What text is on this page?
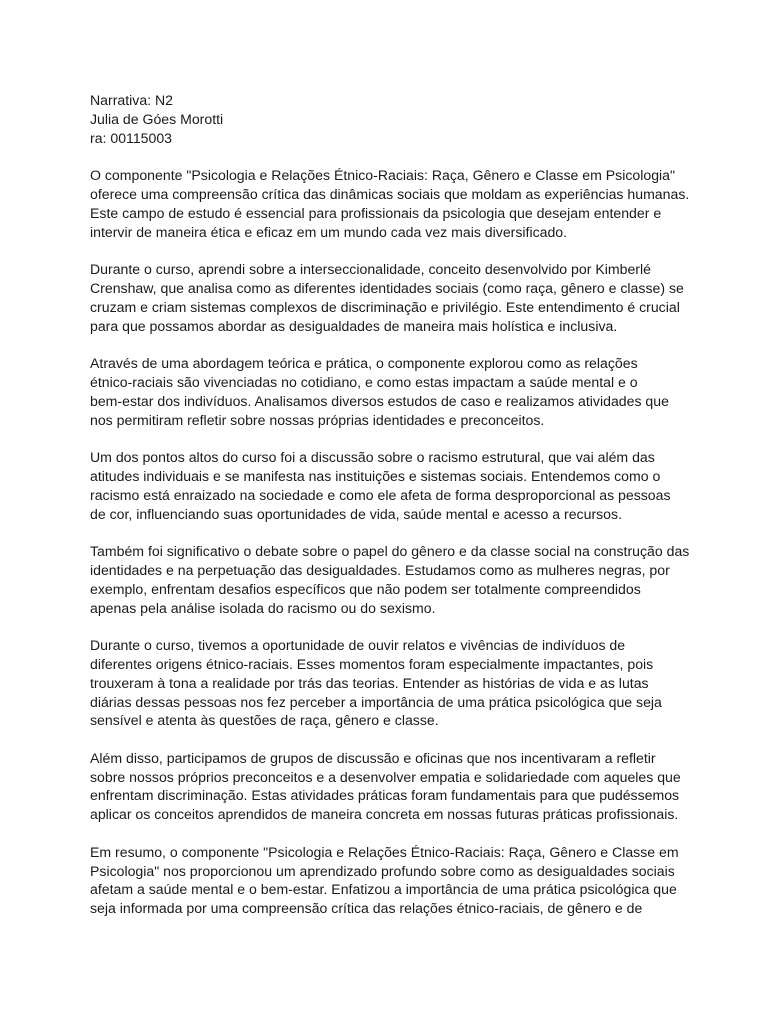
Narrativa: N2
Julia de Góes Morotti
ra: 00115003
O componente "Psicologia e Relações Étnico-Raciais: Raça, Gênero e Classe em Psicologia"
oferece uma compreensão crítica das dinâmicas sociais que moldam as experiências humanas.
Este campo de estudo é essencial para profissionais da psicologia que desejam entender e
intervir de maneira ética e eficaz em um mundo cada vez mais diversificado.
Durante o curso, aprendi sobre a interseccionalidade, conceito desenvolvido por Kimberlé
Crenshaw, que analisa como as diferentes identidades sociais (como raça, gênero e classe) se
cruzam e criam sistemas complexos de discriminação e privilégio. Este entendimento é crucial
para que possamos abordar as desigualdades de maneira mais holística e inclusiva.
Através de uma abordagem teórica e prática, o componente explorou como as relações
étnico-raciais são vivenciadas no cotidiano, e como estas impactam a saúde mental e o
bem-estar dos indivíduos. Analisamos diversos estudos de caso e realizamos atividades que
nos permitiram refletir sobre nossas próprias identidades e preconceitos.
Um dos pontos altos do curso foi a discussão sobre o racismo estrutural, que vai além das
atitudes individuais e se manifesta nas instituições e sistemas sociais. Entendemos como o
racismo está enraizado na sociedade e como ele afeta de forma desproporcional as pessoas
de cor, influenciando suas oportunidades de vida, saúde mental e acesso a recursos.
Também foi significativo o debate sobre o papel do gênero e da classe social na construção das
identidades e na perpetuação das desigualdades. Estudamos como as mulheres negras, por
exemplo, enfrentam desafios específicos que não podem ser totalmente compreendidos
apenas pela análise isolada do racismo ou do sexismo.
Durante o curso, tivemos a oportunidade de ouvir relatos e vivências de indivíduos de
diferentes origens étnico-raciais. Esses momentos foram especialmente impactantes, pois
trouxeram à tona a realidade por trás das teorias. Entender as histórias de vida e as lutas
diárias dessas pessoas nos fez perceber a importância de uma prática psicológica que seja
sensível e atenta às questões de raça, gênero e classe.
Além disso, participamos de grupos de discussão e oficinas que nos incentivaram a refletir
sobre nossos próprios preconceitos e a desenvolver empatia e solidariedade com aqueles que
enfrentam discriminação. Estas atividades práticas foram fundamentais para que pudéssemos
aplicar os conceitos aprendidos de maneira concreta em nossas futuras práticas profissionais.
Em resumo, o componente "Psicologia e Relações Étnico-Raciais: Raça, Gênero e Classe em
Psicologia" nos proporcionou um aprendizado profundo sobre como as desigualdades sociais
afetam a saúde mental e o bem-estar. Enfatizou a importância de uma prática psicológica que
seja informada por uma compreensão crítica das relações étnico-raciais, de gênero e de
